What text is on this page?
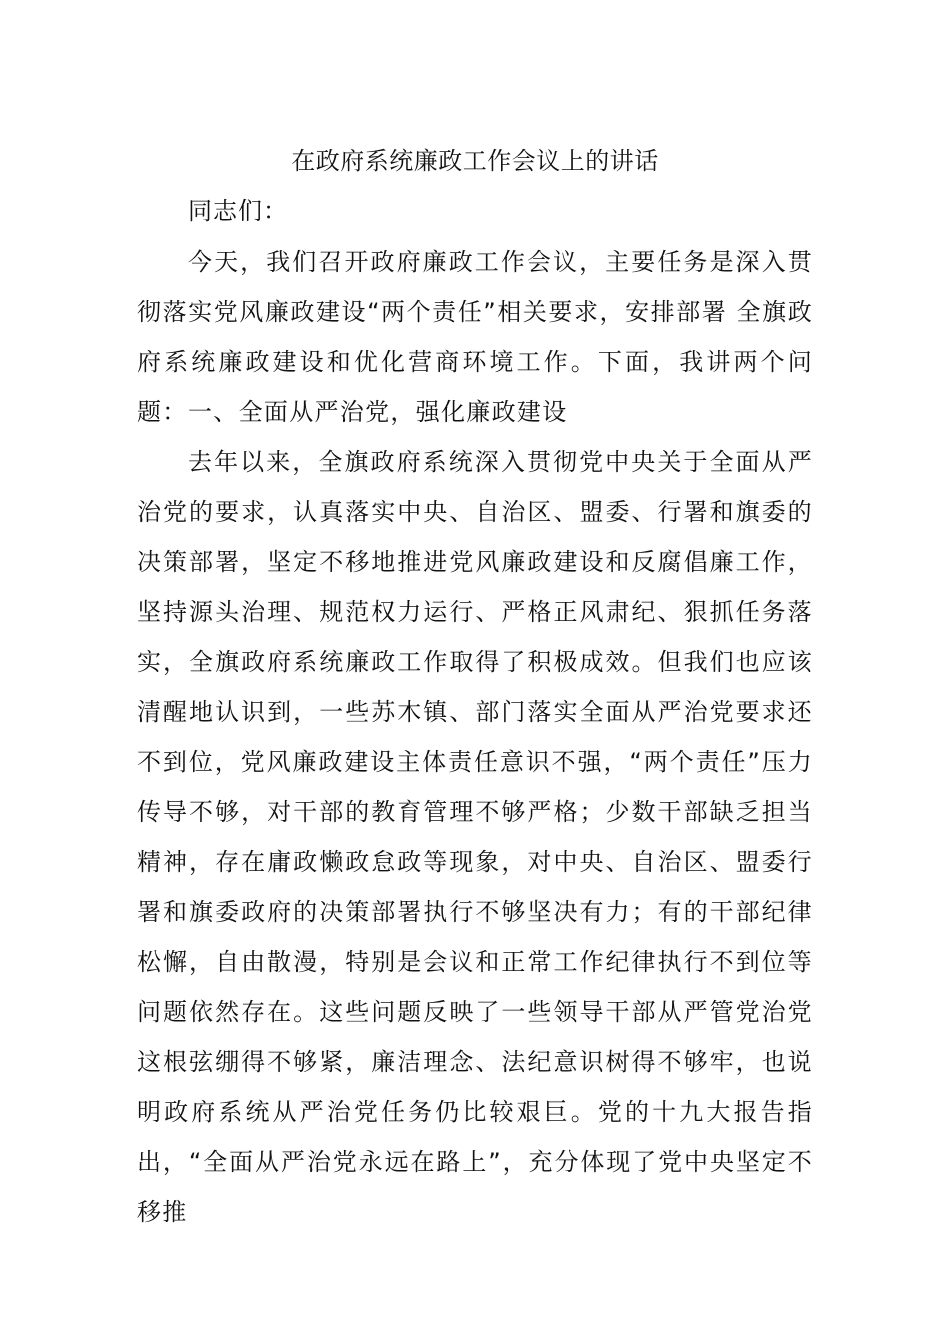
在政府系统廉政工作会议上的讲话
同志们：
今天，我们召开政府廉政工作会议，主要任务是深入贯彻落实党风廉政建设“两个责任”相关要求，安排部署 全旗政府系统廉政建设和优化营商环境工作。下面，我讲两个问题： 一、全面从严治党，强化廉政建设
去年以来，全旗政府系统深入贯彻党中央关于全面从严治党的要求，认真落实中央、自治区、盟委、行署和旗委的决策部署，坚定不移地推进党风廉政建设和反腐倡廉工作，坚持源头治理、规范权力运行、严格正风肃纪、狠抓任务落实，全旗政府系统廉政工作取得了积极成效。但我们也应该清醒地认识到，一些苏木镇、部门落实全面从严治党要求还不到位，党风廉政建设主体责任意识不强，“两个责任”压力传导不够，对干部的教育管理不够严格；少数干部缺乏担当精神，存在庸政懒政怠政等现象，对中央、自治区、盟委行署和旗委政府的决策部署执行不够坚决有力；有的干部纪律松懈，自由散漫，特别是会议和正常工作纪律执行不到位等问题依然存在。这些问题反映了一些领导干部从严管党治党这根弦绷得不够紧，廉洁理念、法纪意识树得不够牢，也说明政府系统从严治党任务仍比较艰巨。党的十九大报告指出，“全面从严治党永远在路上”，充分体现了党中央坚定不移推
